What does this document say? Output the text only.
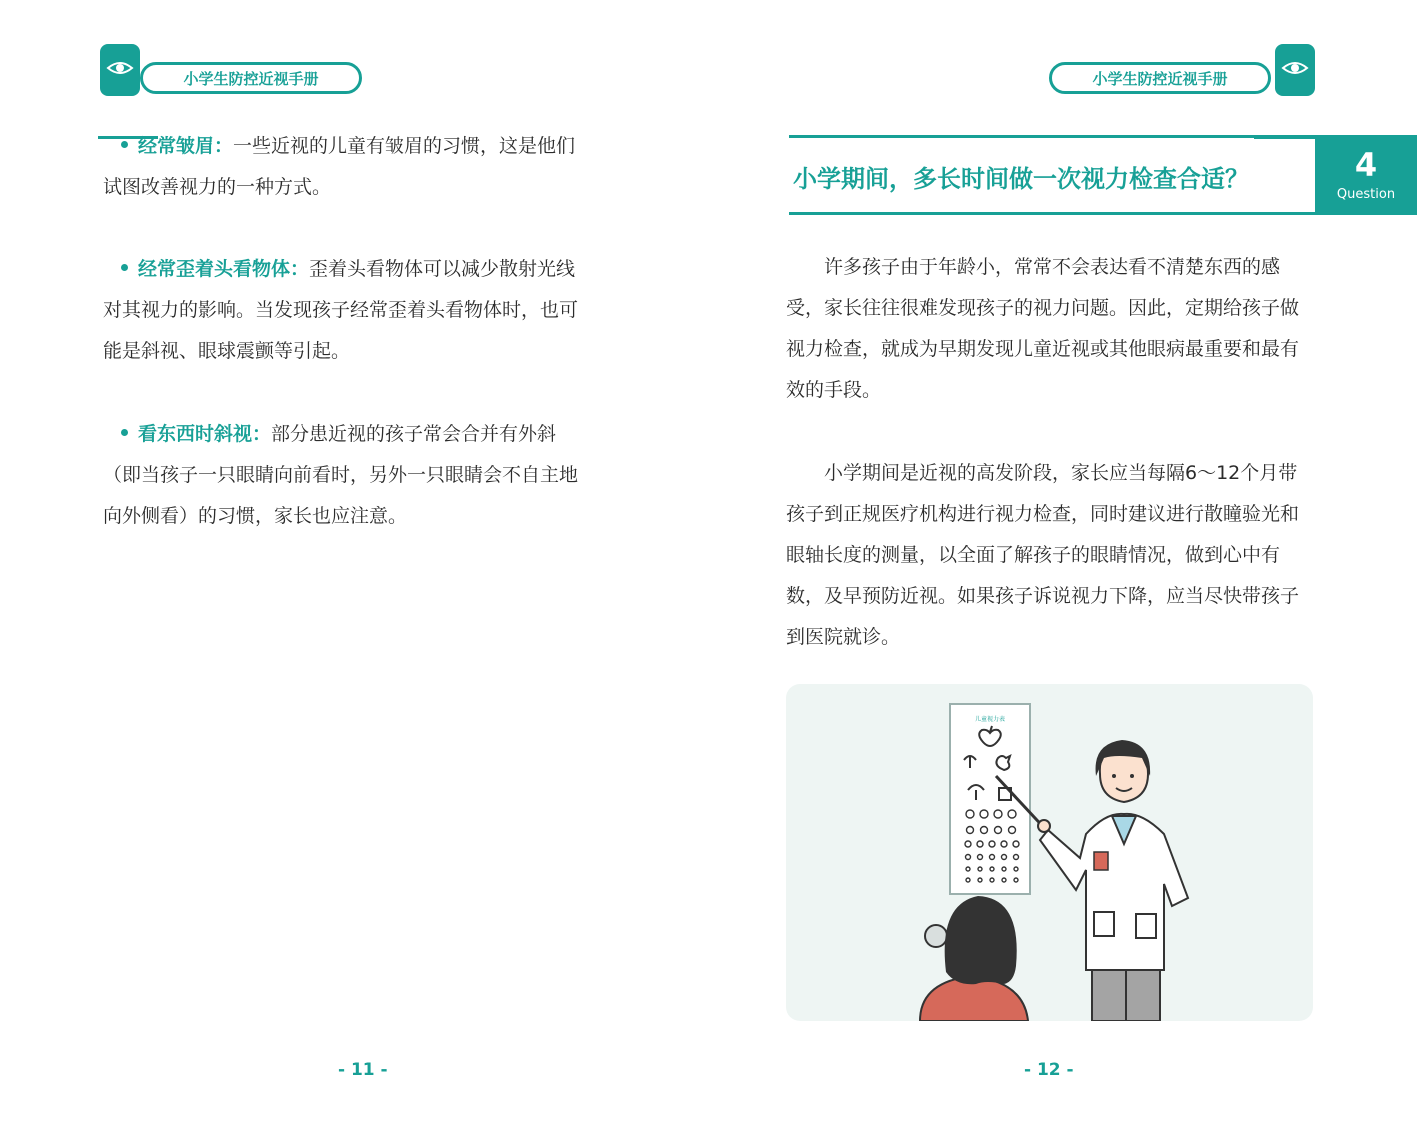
小学生防控近视手册	小学生防控近视手册
经常皱眉：一些近视的儿童有皱眉的习惯，这是他们
试图改善视力的一种方式。
经常歪着头看物体：歪着头看物体可以减少散射光线
对其视力的影响。当发现孩子经常歪着头看物体时，也可
能是斜视、眼球震颤等引起。
看东西时斜视：部分患近视的孩子常会合并有外斜
（即当孩子一只眼睛向前看时，另外一只眼睛会不自主地
向外侧看）的习惯，家长也应注意。
- 11 -
小学期间，多长时间做一次视力检查合适？	4
Question
许多孩子由于年龄小，常常不会表达看不清楚东西的感受，家长往往很难发现孩子的视力问题。因此，定期给孩子做视力检查，就成为早期发现儿童近视或其他眼病最重要和最有效的手段。
小学期间是近视的高发阶段，家长应当每隔6～12个月带孩子到正规医疗机构进行视力检查，同时建议进行散瞳验光和眼轴长度的测量，以全面了解孩子的眼睛情况，做到心中有数，及早预防近视。如果孩子诉说视力下降，应当尽快带孩子到医院就诊。
儿童视力表
- 12 -
